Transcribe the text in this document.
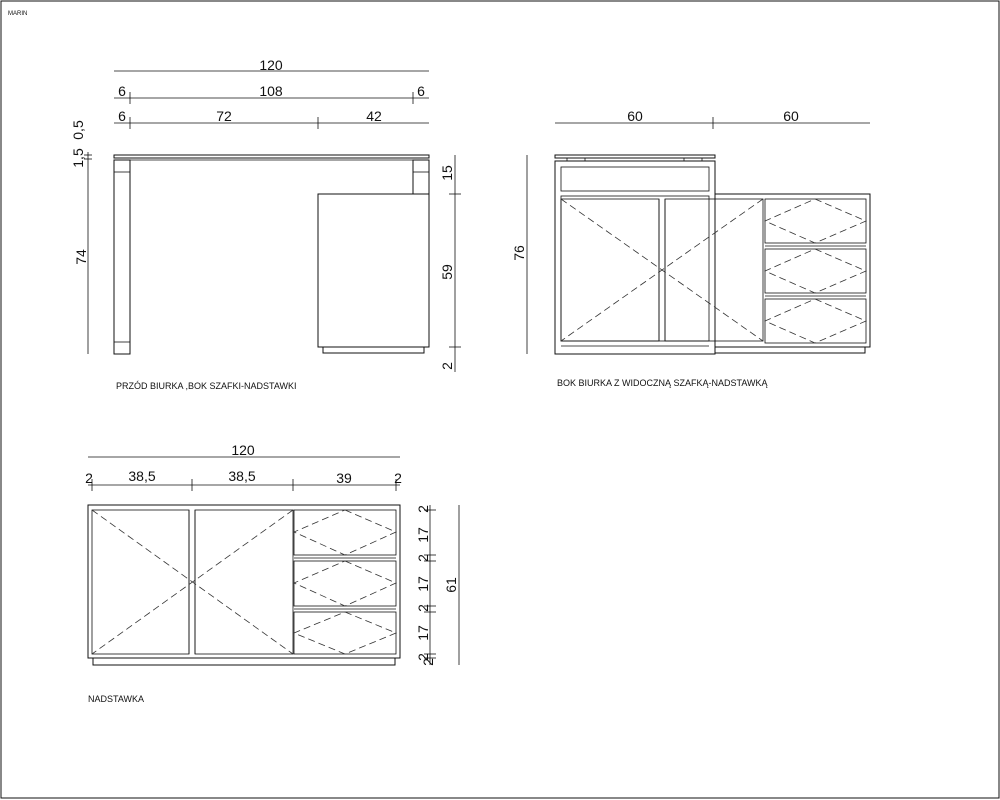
MARIN
120
6	108	6
6	72	42
0,5
1,5
74
15
59
2
PRZÓD BIURKA ,BOK SZAFKI-NADSTAWKI
60	60
76
BOK BIURKA Z WIDOCZNĄ SZAFKĄ-NADSTAWKĄ
120
2	38,5	38,5	39	2
2
17
2
17
2
17
2
2
61
NADSTAWKA
